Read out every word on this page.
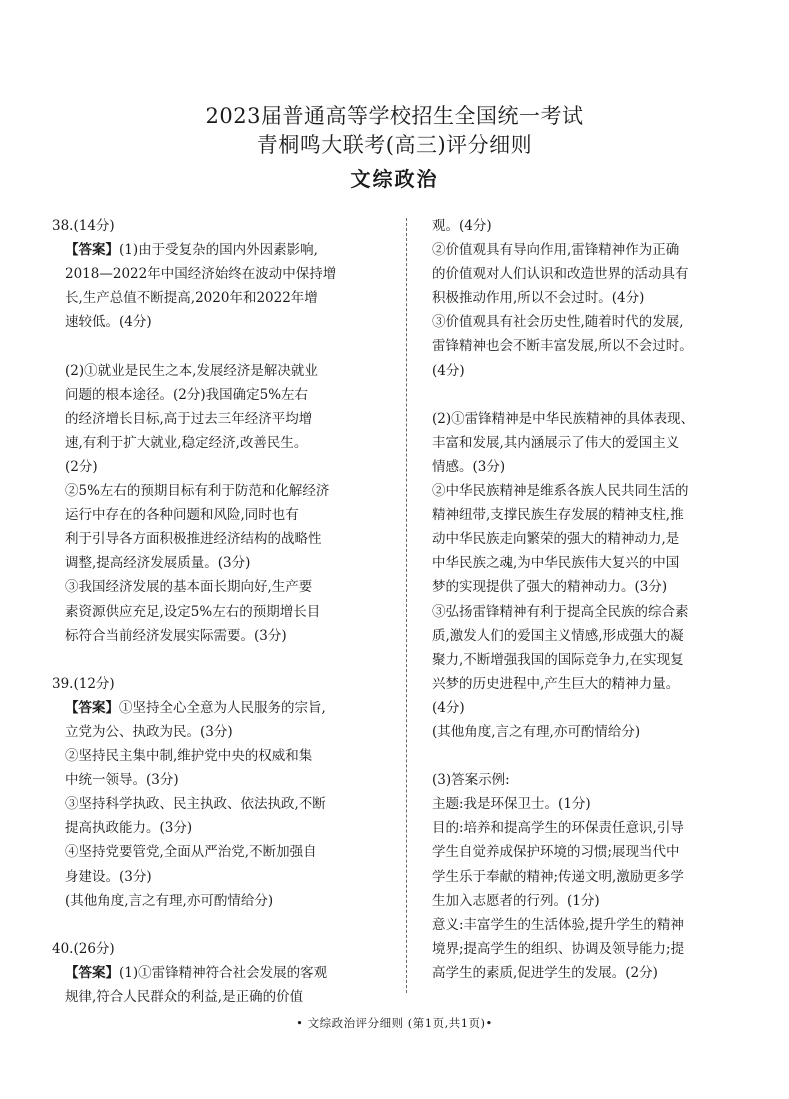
2023届普通高等学校招生全国统一考试
青桐鸣大联考(高三)评分细则
文综政治
38.(14分)
【答案】(1)由于受复杂的国内外因素影响,
2018—2022年中国经济始终在波动中保持增
长,生产总值不断提高,2020年和2022年增
速较低。(4分)
(2)①就业是民生之本,发展经济是解决就业
问题的根本途径。(2分)我国确定5%左右
的经济增长目标,高于过去三年经济平均增
速,有利于扩大就业,稳定经济,改善民生。
(2分)
②5%左右的预期目标有利于防范和化解经济
运行中存在的各种问题和风险,同时也有
利于引导各方面积极推进经济结构的战略性
调整,提高经济发展质量。(3分)
③我国经济发展的基本面长期向好,生产要
素资源供应充足,设定5%左右的预期增长目
标符合当前经济发展实际需要。(3分)
39.(12分)
【答案】①坚持全心全意为人民服务的宗旨,
立党为公、执政为民。(3分)
②坚持民主集中制,维护党中央的权威和集
中统一领导。(3分)
③坚持科学执政、民主执政、依法执政,不断
提高执政能力。(3分)
④坚持党要管党,全面从严治党,不断加强自
身建设。(3分)
(其他角度,言之有理,亦可酌情给分)
40.(26分)
【答案】(1)①雷锋精神符合社会发展的客观
规律,符合人民群众的利益,是正确的价值
观。(4分)
②价值观具有导向作用,雷锋精神作为正确
的价值观对人们认识和改造世界的活动具有
积极推动作用,所以不会过时。(4分)
③价值观具有社会历史性,随着时代的发展,
雷锋精神也会不断丰富发展,所以不会过时。
(4分)
(2)①雷锋精神是中华民族精神的具体表现、
丰富和发展,其内涵展示了伟大的爱国主义
情感。(3分)
②中华民族精神是维系各族人民共同生活的
精神纽带,支撑民族生存发展的精神支柱,推
动中华民族走向繁荣的强大的精神动力,是
中华民族之魂,为中华民族伟大复兴的中国
梦的实现提供了强大的精神动力。(3分)
③弘扬雷锋精神有利于提高全民族的综合素
质,激发人们的爱国主义情感,形成强大的凝
聚力,不断增强我国的国际竞争力,在实现复
兴梦的历史进程中,产生巨大的精神力量。
(4分)
(其他角度,言之有理,亦可酌情给分)
(3)答案示例:
主题:我是环保卫士。(1分)
目的:培养和提高学生的环保责任意识,引导
学生自觉养成保护环境的习惯;展现当代中
学生乐于奉献的精神;传递文明,激励更多学
生加入志愿者的行列。(1分)
意义:丰富学生的生活体验,提升学生的精神
境界;提高学生的组织、协调及领导能力;提
高学生的素质,促进学生的发展。(2分)
• 文综政治评分细则 (第1页,共1页)•
